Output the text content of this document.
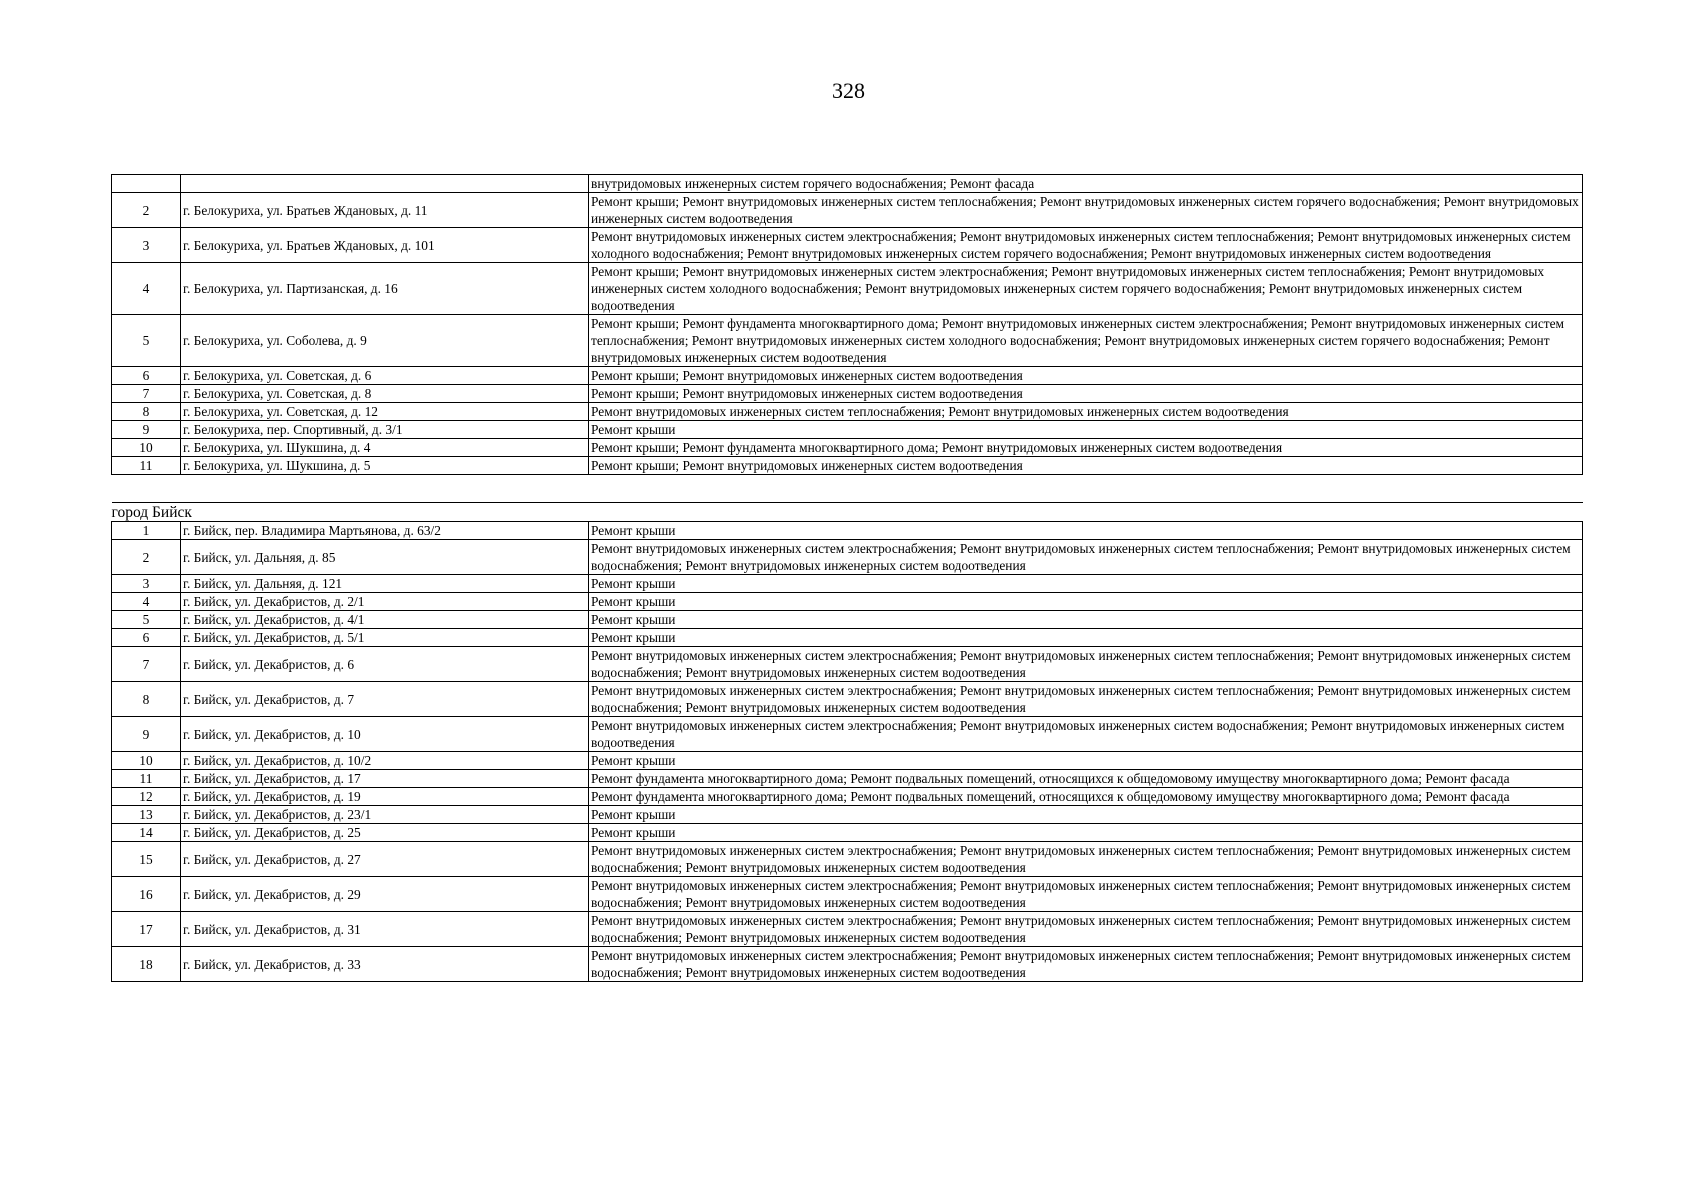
328
		внутридомовых инженерных систем горячего водоснабжения; Ремонт фасада
2	г. Белокуриха, ул. Братьев Ждановых, д. 11	Ремонт крыши; Ремонт внутридомовых инженерных систем теплоснабжения; Ремонт внутридомовых инженерных систем горячего водоснабжения; Ремонт внутридомовых инженерных систем водоотведения
3	г. Белокуриха, ул. Братьев Ждановых, д. 101	Ремонт внутридомовых инженерных систем электроснабжения; Ремонт внутридомовых инженерных систем теплоснабжения; Ремонт внутридомовых инженерных систем холодного водоснабжения; Ремонт внутридомовых инженерных систем горячего водоснабжения; Ремонт внутридомовых инженерных систем водоотведения
4	г. Белокуриха, ул. Партизанская, д. 16	Ремонт крыши; Ремонт внутридомовых инженерных систем электроснабжения; Ремонт внутридомовых инженерных систем теплоснабжения; Ремонт внутридомовых инженерных систем холодного водоснабжения; Ремонт внутридомовых инженерных систем горячего водоснабжения; Ремонт внутридомовых инженерных систем водоотведения
5	г. Белокуриха, ул. Соболева, д. 9	Ремонт крыши; Ремонт фундамента многоквартирного дома; Ремонт внутридомовых инженерных систем электроснабжения; Ремонт внутридомовых инженерных систем теплоснабжения; Ремонт внутридомовых инженерных систем холодного водоснабжения; Ремонт внутридомовых инженерных систем горячего водоснабжения; Ремонт внутридомовых инженерных систем водоотведения
6	г. Белокуриха, ул. Советская, д. 6	Ремонт крыши; Ремонт внутридомовых инженерных систем водоотведения
7	г. Белокуриха, ул. Советская, д. 8	Ремонт крыши; Ремонт внутридомовых инженерных систем водоотведения
8	г. Белокуриха, ул. Советская, д. 12	Ремонт внутридомовых инженерных систем теплоснабжения; Ремонт внутридомовых инженерных систем водоотведения
9	г. Белокуриха, пер. Спортивный, д. 3/1	Ремонт крыши
10	г. Белокуриха, ул. Шукшина, д. 4	Ремонт крыши; Ремонт фундамента многоквартирного дома; Ремонт внутридомовых инженерных систем водоотведения
11	г. Белокуриха, ул. Шукшина, д. 5	Ремонт крыши; Ремонт внутридомовых инженерных систем водоотведения

город Бийск		
1	г. Бийск, пер. Владимира Мартьянова, д. 63/2	Ремонт крыши
2	г. Бийск, ул. Дальняя, д. 85	Ремонт внутридомовых инженерных систем электроснабжения; Ремонт внутридомовых инженерных систем теплоснабжения; Ремонт внутридомовых инженерных систем водоснабжения; Ремонт внутридомовых инженерных систем водоотведения
3	г. Бийск, ул. Дальняя, д. 121	Ремонт крыши
4	г. Бийск, ул. Декабристов, д. 2/1	Ремонт крыши
5	г. Бийск, ул. Декабристов, д. 4/1	Ремонт крыши
6	г. Бийск, ул. Декабристов, д. 5/1	Ремонт крыши
7	г. Бийск, ул. Декабристов, д. 6	Ремонт внутридомовых инженерных систем электроснабжения; Ремонт внутридомовых инженерных систем теплоснабжения; Ремонт внутридомовых инженерных систем водоснабжения; Ремонт внутридомовых инженерных систем водоотведения
8	г. Бийск, ул. Декабристов, д. 7	Ремонт внутридомовых инженерных систем электроснабжения; Ремонт внутридомовых инженерных систем теплоснабжения; Ремонт внутридомовых инженерных систем водоснабжения; Ремонт внутридомовых инженерных систем водоотведения
9	г. Бийск, ул. Декабристов, д. 10	Ремонт внутридомовых инженерных систем электроснабжения; Ремонт внутридомовых инженерных систем водоснабжения; Ремонт внутридомовых инженерных систем водоотведения
10	г. Бийск, ул. Декабристов, д. 10/2	Ремонт крыши
11	г. Бийск, ул. Декабристов, д. 17	Ремонт фундамента многоквартирного дома; Ремонт подвальных помещений, относящихся к общедомовому имуществу многоквартирного дома; Ремонт фасада
12	г. Бийск, ул. Декабристов, д. 19	Ремонт фундамента многоквартирного дома; Ремонт подвальных помещений, относящихся к общедомовому имуществу многоквартирного дома; Ремонт фасада
13	г. Бийск, ул. Декабристов, д. 23/1	Ремонт крыши
14	г. Бийск, ул. Декабристов, д. 25	Ремонт крыши
15	г. Бийск, ул. Декабристов, д. 27	Ремонт внутридомовых инженерных систем электроснабжения; Ремонт внутридомовых инженерных систем теплоснабжения; Ремонт внутридомовых инженерных систем водоснабжения; Ремонт внутридомовых инженерных систем водоотведения
16	г. Бийск, ул. Декабристов, д. 29	Ремонт внутридомовых инженерных систем электроснабжения; Ремонт внутридомовых инженерных систем теплоснабжения; Ремонт внутридомовых инженерных систем водоснабжения; Ремонт внутридомовых инженерных систем водоотведения
17	г. Бийск, ул. Декабристов, д. 31	Ремонт внутридомовых инженерных систем электроснабжения; Ремонт внутридомовых инженерных систем теплоснабжения; Ремонт внутридомовых инженерных систем водоснабжения; Ремонт внутридомовых инженерных систем водоотведения
18	г. Бийск, ул. Декабристов, д. 33	Ремонт внутридомовых инженерных систем электроснабжения; Ремонт внутридомовых инженерных систем теплоснабжения; Ремонт внутридомовых инженерных систем водоснабжения; Ремонт внутридомовых инженерных систем водоотведения
